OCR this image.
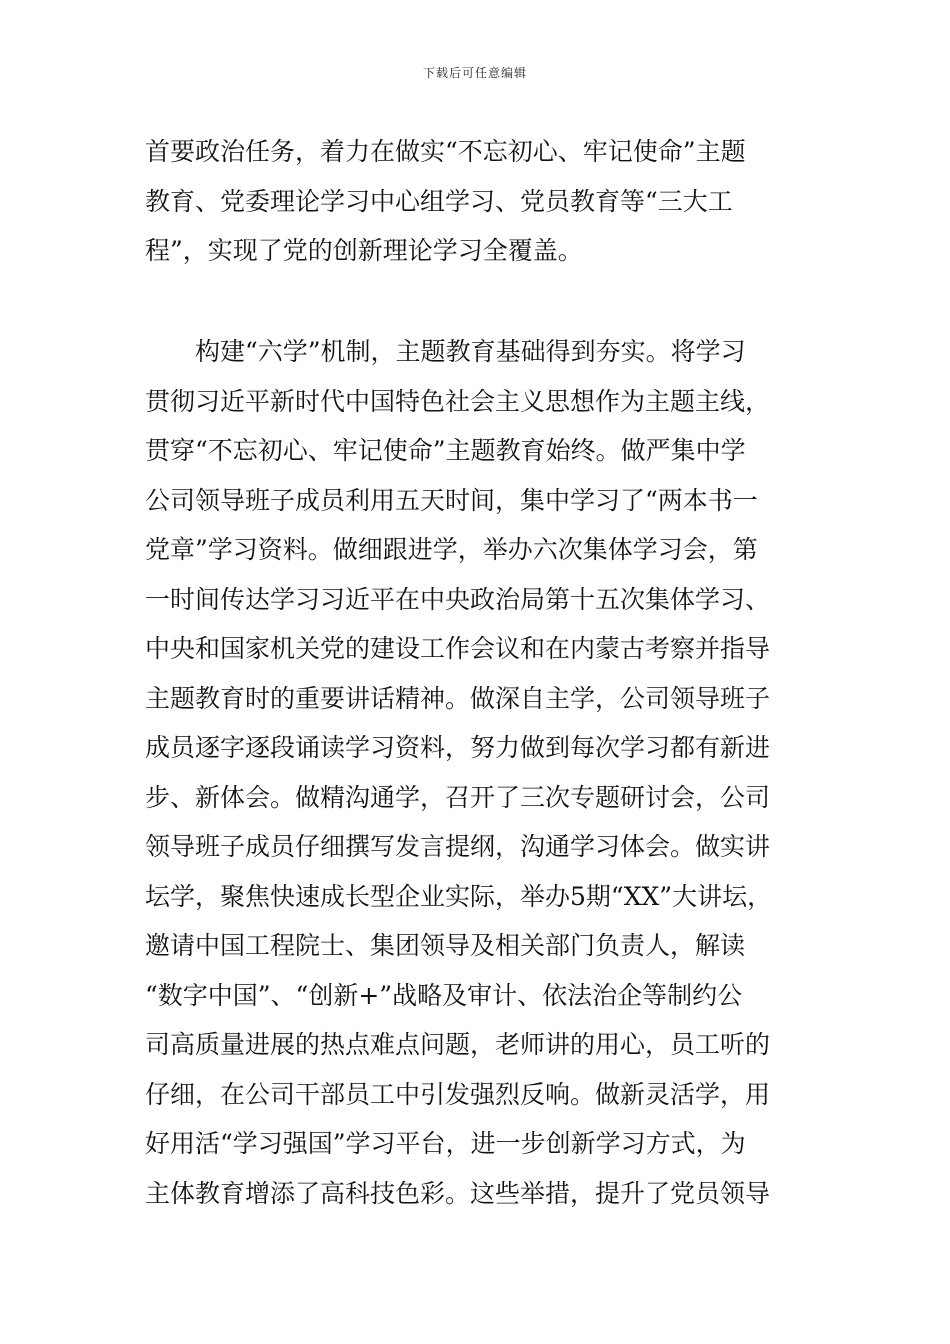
下载后可任意编辑
首要政治任务，着力在做实“不忘初心、牢记使命”主题
教育、党委理论学习中心组学习、党员教育等“三大工
程”，实现了党的创新理论学习全覆盖。
　　构建“六学”机制，主题教育基础得到夯实。将学习
贯彻习近平新时代中国特色社会主义思想作为主题主线，
贯穿“不忘初心、牢记使命”主题教育始终。做严集中学
公司领导班子成员利用五天时间，集中学习了“两本书一
党章”学习资料。做细跟进学，举办六次集体学习会，第
一时间传达学习习近平在中央政治局第十五次集体学习、
中央和国家机关党的建设工作会议和在内蒙古考察并指导
主题教育时的重要讲话精神。做深自主学，公司领导班子
成员逐字逐段诵读学习资料，努力做到每次学习都有新进
步、新体会。做精沟通学，召开了三次专题研讨会，公司
领导班子成员仔细撰写发言提纲，沟通学习体会。做实讲
坛学，聚焦快速成长型企业实际，举办5期“XX”大讲坛，
邀请中国工程院士、集团领导及相关部门负责人，解读
“数字中国”、“创新+”战略及审计、依法治企等制约公
司高质量进展的热点难点问题，老师讲的用心，员工听的
仔细，在公司干部员工中引发强烈反响。做新灵活学，用
好用活“学习强国”学习平台，进一步创新学习方式，为
主体教育增添了高科技色彩。这些举措，提升了党员领导
